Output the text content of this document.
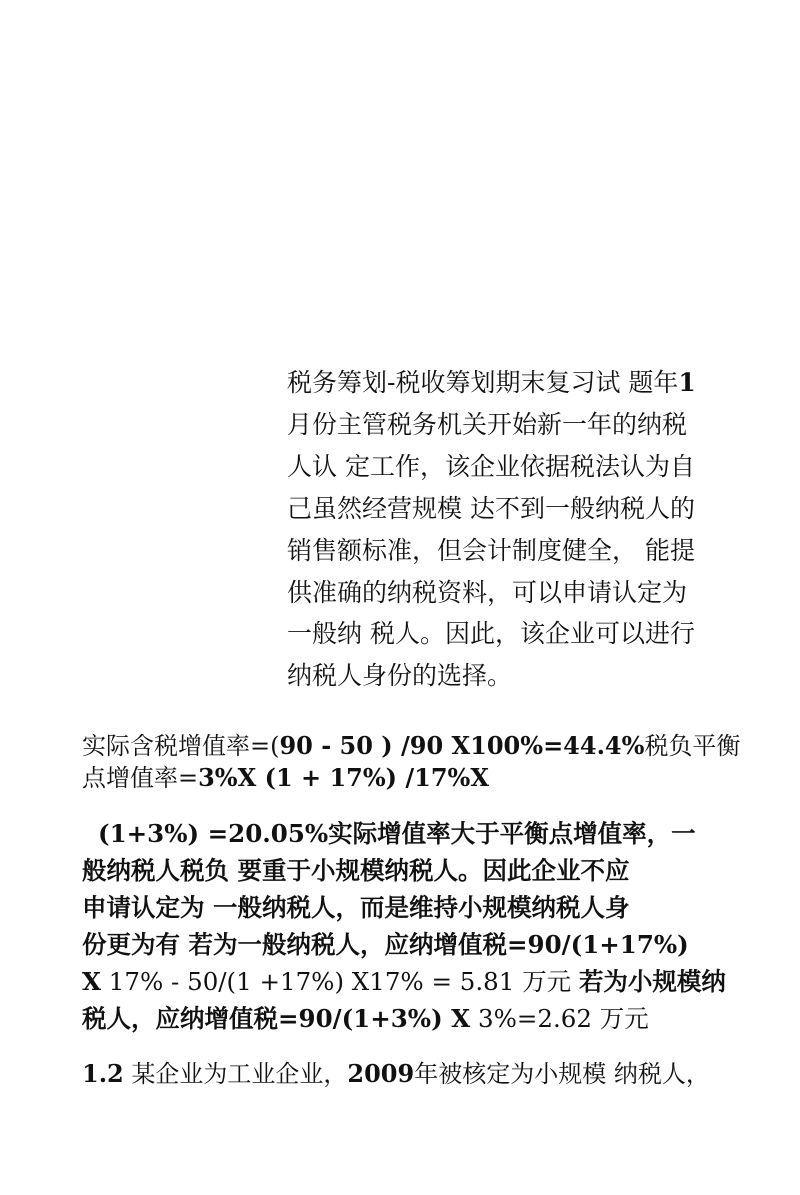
税务筹划-税收筹划期末复习试 题年1
月份主管税务机关开始新一年的纳税
人认 定工作，该企业依据税法认为自
己虽然经营规模 达不到一般纳税人的
销售额标准，但会计制度健全， 能提
供准确的纳税资料，可以申请认定为
一般纳 税人。因此，该企业可以进行
纳税人身份的选择。
实际含税增值率=(90 - 50 ) /90 X100%=44.4%税负平衡
点增值率=3%X (1 + 17%) /17%X
(1+3%) =20.05%实际增值率大于平衡点增值率，一
般纳税人税负 要重于小规模纳税人。因此企业不应
申请认定为 一般纳税人，而是维持小规模纳税人身
份更为有 若为一般纳税人，应纳增值税=90/(1+17%)
X 17% - 50/(1 +17%) X17% = 5.81 万元 若为小规模纳
税人，应纳增值税=90/(1+3%) X 3%=2.62 万元
1.2 某企业为工业企业，2009年被核定为小规模 纳税人，
